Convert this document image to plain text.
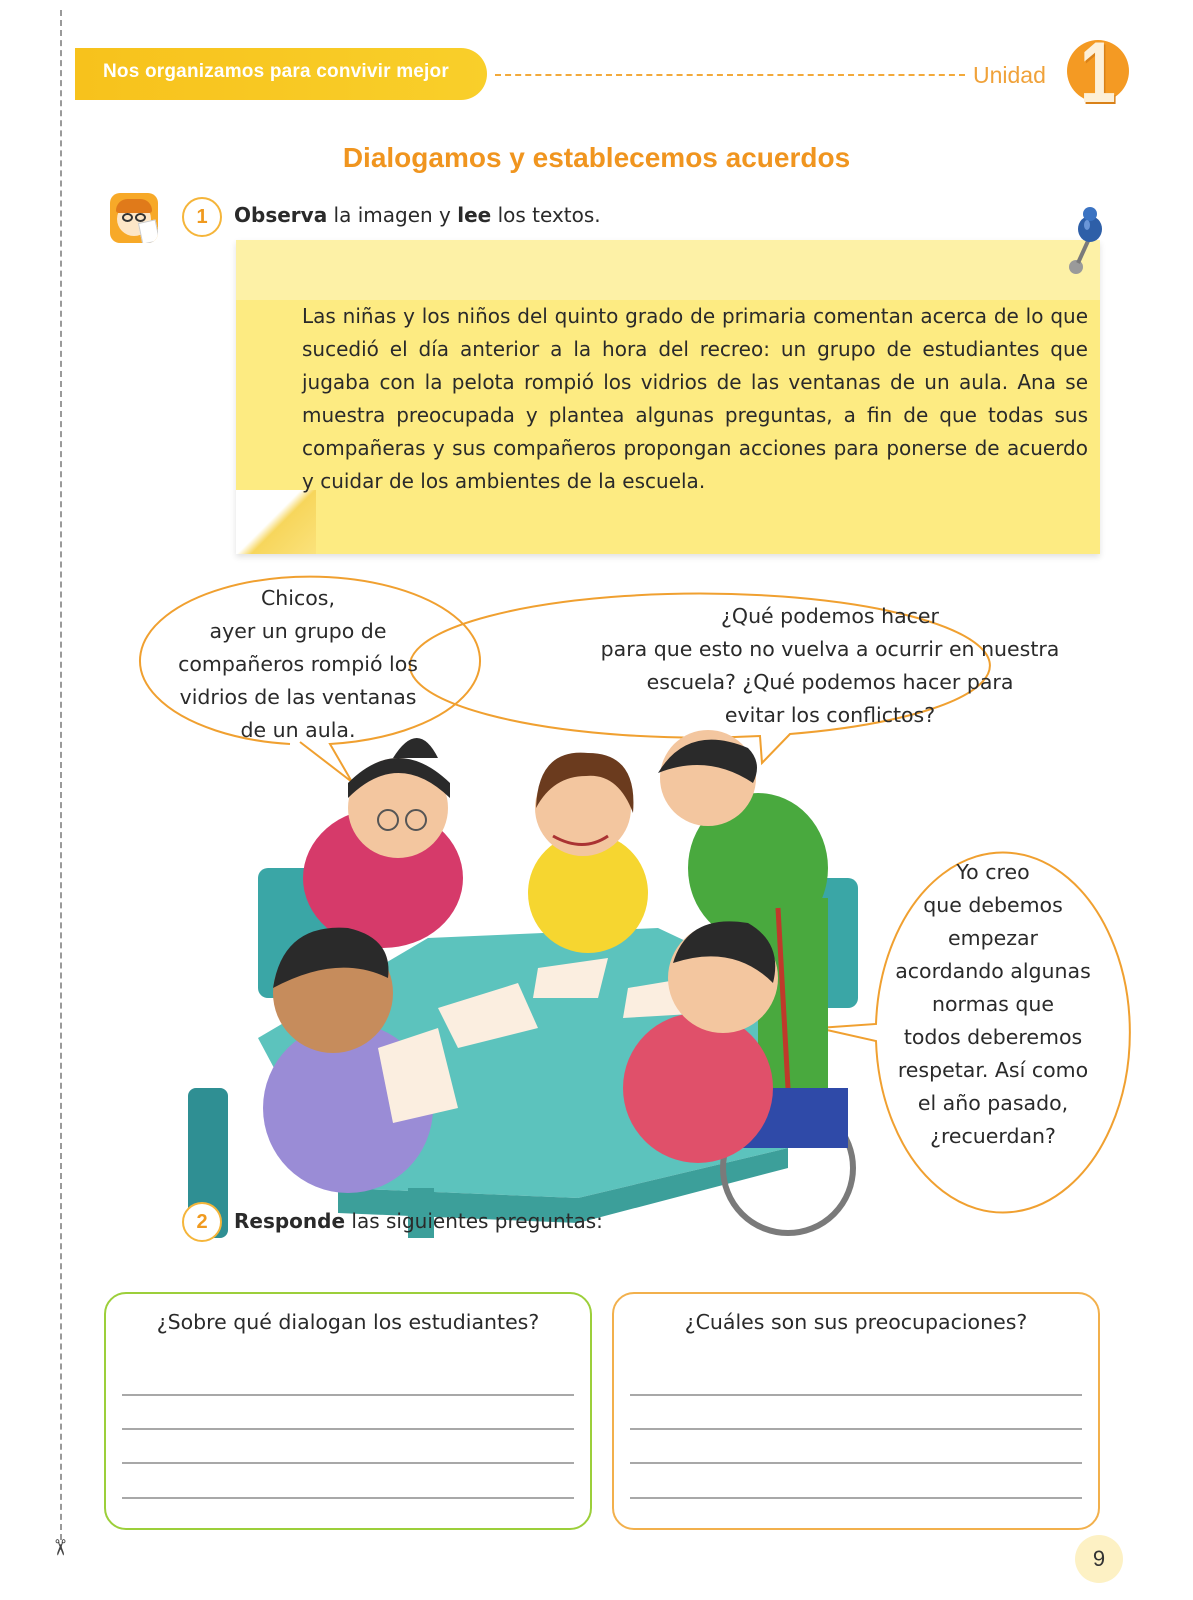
✂
Nos organizamos para convivir mejor	Unidad 1
Dialogamos y establecemos acuerdos
1	Observa la imagen y lee los textos.
Las niñas y los niños del quinto grado de primaria comentan acerca de lo que sucedió el día anterior a la hora del recreo: un grupo de estudiantes que jugaba con la pelota rompió los vidrios de las ventanas de un aula. Ana se muestra preocupada y plantea algunas preguntas, a fin de que todas sus compañeras y sus compañeros propongan acciones para ponerse de acuerdo y cuidar de los ambientes de la escuela.
Chicos,
ayer un grupo de
compañeros rompió los
vidrios de las ventanas
de un aula.
¿Qué podemos hacer
para que esto no vuelva a ocurrir en nuestra
escuela? ¿Qué podemos hacer para
evitar los conflictos?
Yo creo
que debemos
empezar
acordando algunas
normas que
todos deberemos
respetar. Así como
el año pasado,
¿recuerdan?
2	Responde las siguientes preguntas:
¿Sobre qué dialogan los estudiantes?	¿Cuáles son sus preocupaciones?
9
